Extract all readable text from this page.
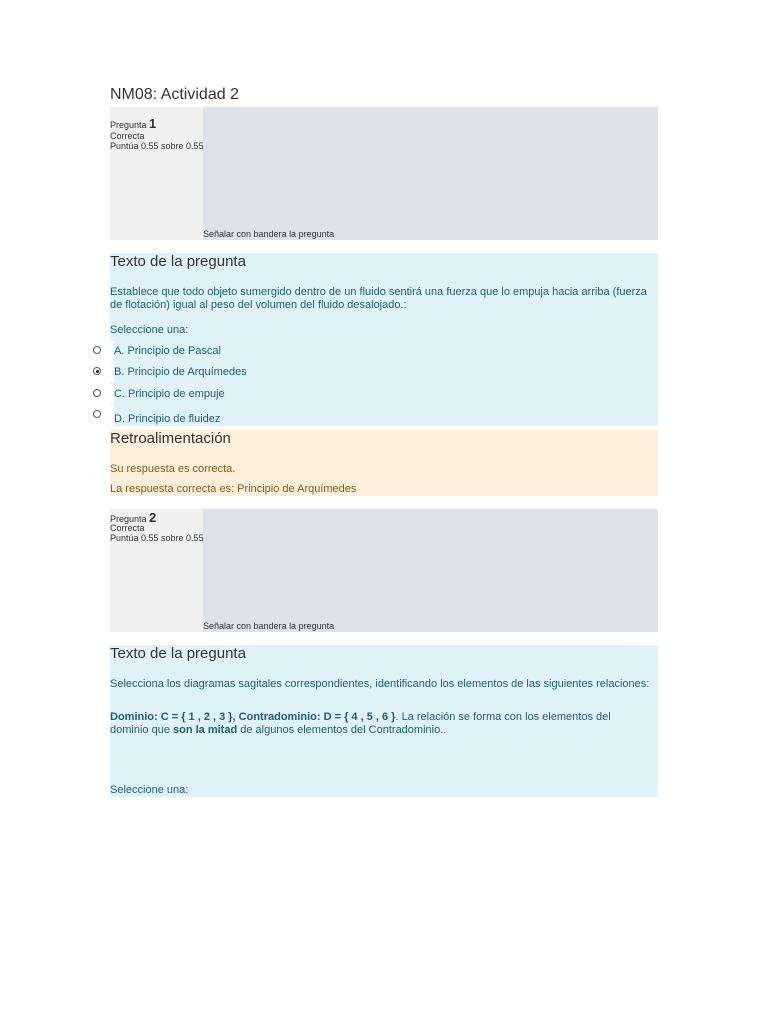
NM08: Actividad 2
Pregunta 1
Correcta
Puntúa 0.55 sobre 0.55
Señalar con bandera la pregunta
Texto de la pregunta
Establece que todo objeto sumergido dentro de un fluido sentirá una fuerza que lo empuja hacia arriba (fuerza de flotación) igual al peso del volumen del fluido desalojado.:
Seleccione una:
A. Principio de Pascal
B. Principio de Arquímedes
C. Principio de empuje
D. Principio de fluidez
Retroalimentación
Su respuesta es correcta.
La respuesta correcta es: Principio de Arquímedes
Pregunta 2
Correcta
Puntúa 0.55 sobre 0.55
Señalar con bandera la pregunta
Texto de la pregunta
Selecciona los diagramas sagitales correspondientes, identificando los elementos de las siguientes relaciones:
Dominio: C = { 1 , 2 , 3 }, Contradominio: D = { 4 , 5 , 6 }. La relación se forma con los elementos del dominio que son la mitad de algunos elementos del Contradominio..
Seleccione una:
